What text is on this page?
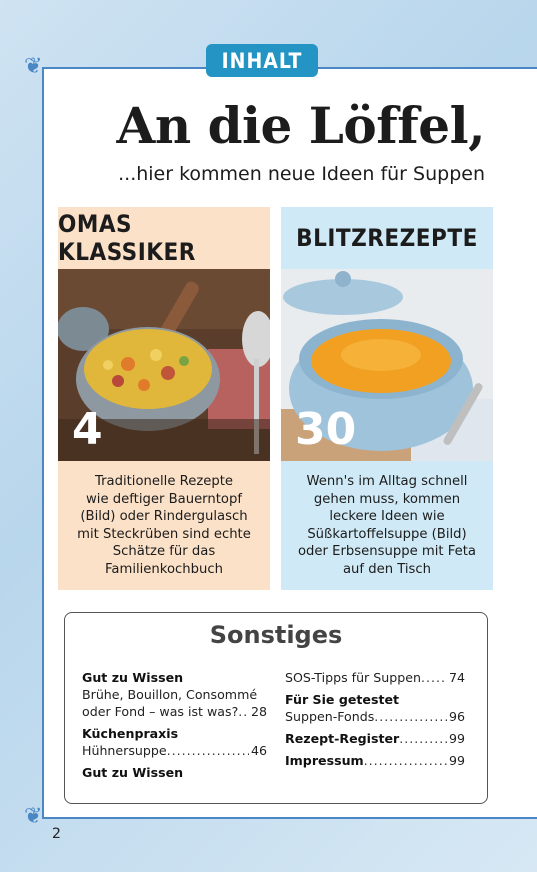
❦
❦
INHALT
An die Löffel,
...hier kommen neue Ideen für Suppen
OMAS KLASSIKER
4
Traditionelle Rezepte
wie deftiger Bauerntopf
(Bild) oder Rindergulasch
mit Steckrüben sind echte
Schätze für das
Familienkochbuch
BLITZREZEPTE
30
Wenn's im Alltag schnell
gehen muss, kommen
leckere Ideen wie
Süßkartoffelsuppe (Bild)
oder Erbsensuppe mit Feta
auf den Tisch
Sonstiges
Gut zu Wissen
Brühe, Bouillon, Consommé
oder Fond – was ist was? ..... 28
Küchenpraxis
Hühnersuppe .....	46
Gut zu Wissen
SOS-Tipps für Suppen ..... 74
Für Sie getestet
Suppen-Fonds .....	96
Rezept-Register .....	99
Impressum .....	99
2
